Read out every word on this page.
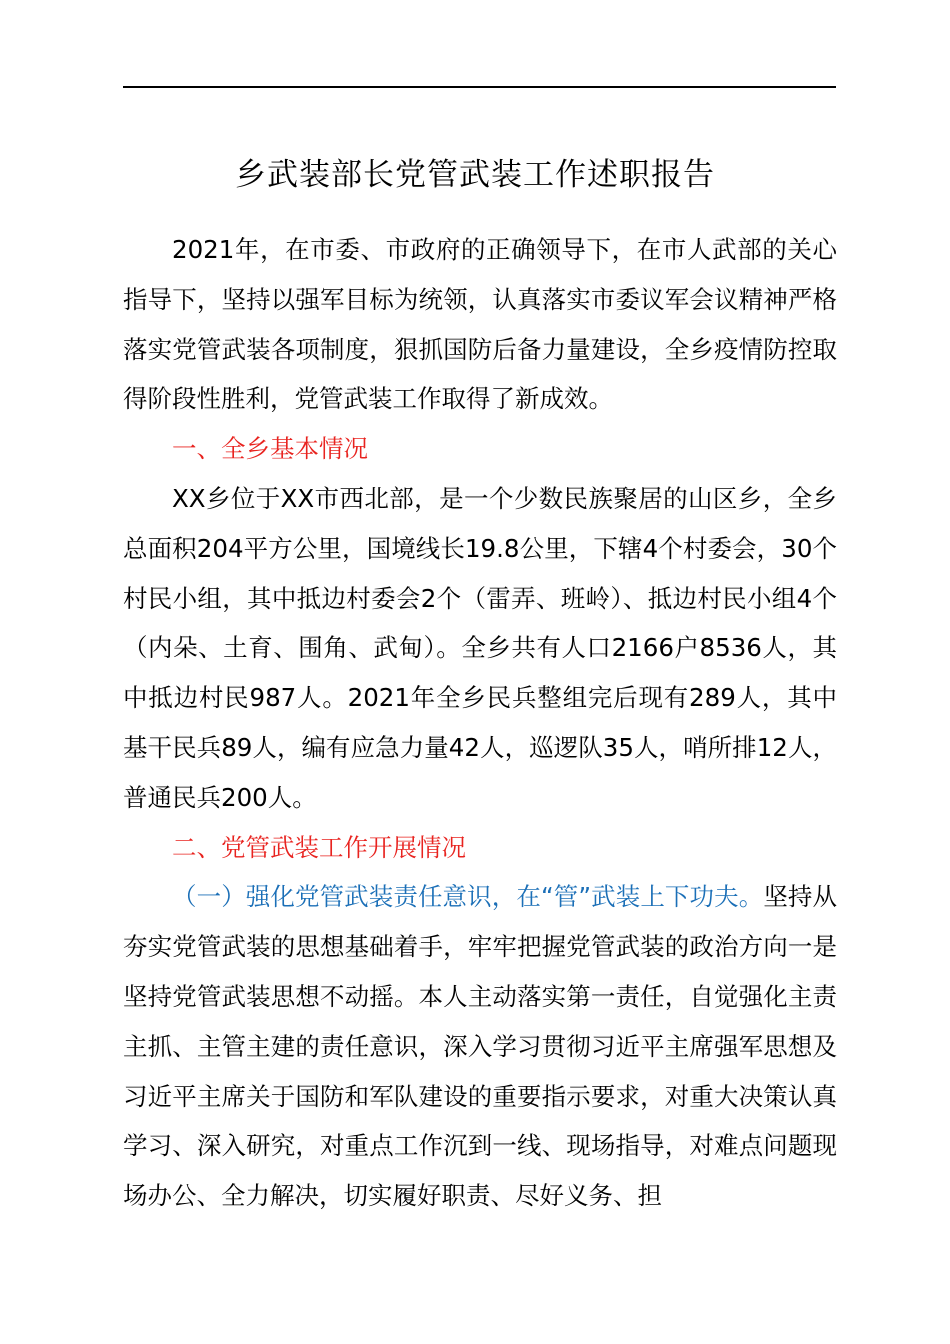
乡武装部长党管武装工作述职报告

2021年，在市委、市政府的正确领导下，在市人武部的关心指导下，坚持以强军目标为统领，认真落实市委议军会议精神严格落实党管武装各项制度，狠抓国防后备力量建设，全乡疫情防控取得阶段性胜利，党管武装工作取得了新成效。

一、全乡基本情况

XX乡位于XX市西北部，是一个少数民族聚居的山区乡，全乡总面积204平方公里，国境线长19.8公里，下辖4个村委会，30个村民小组，其中抵边村委会2个（雷弄、班岭）、抵边村民小组4个（内朵、土育、围角、武甸）。全乡共有人口2166户8536人，其中抵边村民987人。2021年全乡民兵整组完后现有289人，其中基干民兵89人，编有应急力量42人，巡逻队35人，哨所排12人，普通民兵200人。

二、党管武装工作开展情况

（一）强化党管武装责任意识，在“管”武装上下功夫。坚持从夯实党管武装的思想基础着手，牢牢把握党管武装的政治方向一是坚持党管武装思想不动摇。本人主动落实第一责任，自觉强化主责主抓、主管主建的责任意识，深入学习贯彻习近平主席强军思想及习近平主席关于国防和军队建设的重要指示要求，对重大决策认真学习、深入研究，对重点工作沉到一线、现场指导，对难点问题现场办公、全力解决，切实履好职责、尽好义务、担
